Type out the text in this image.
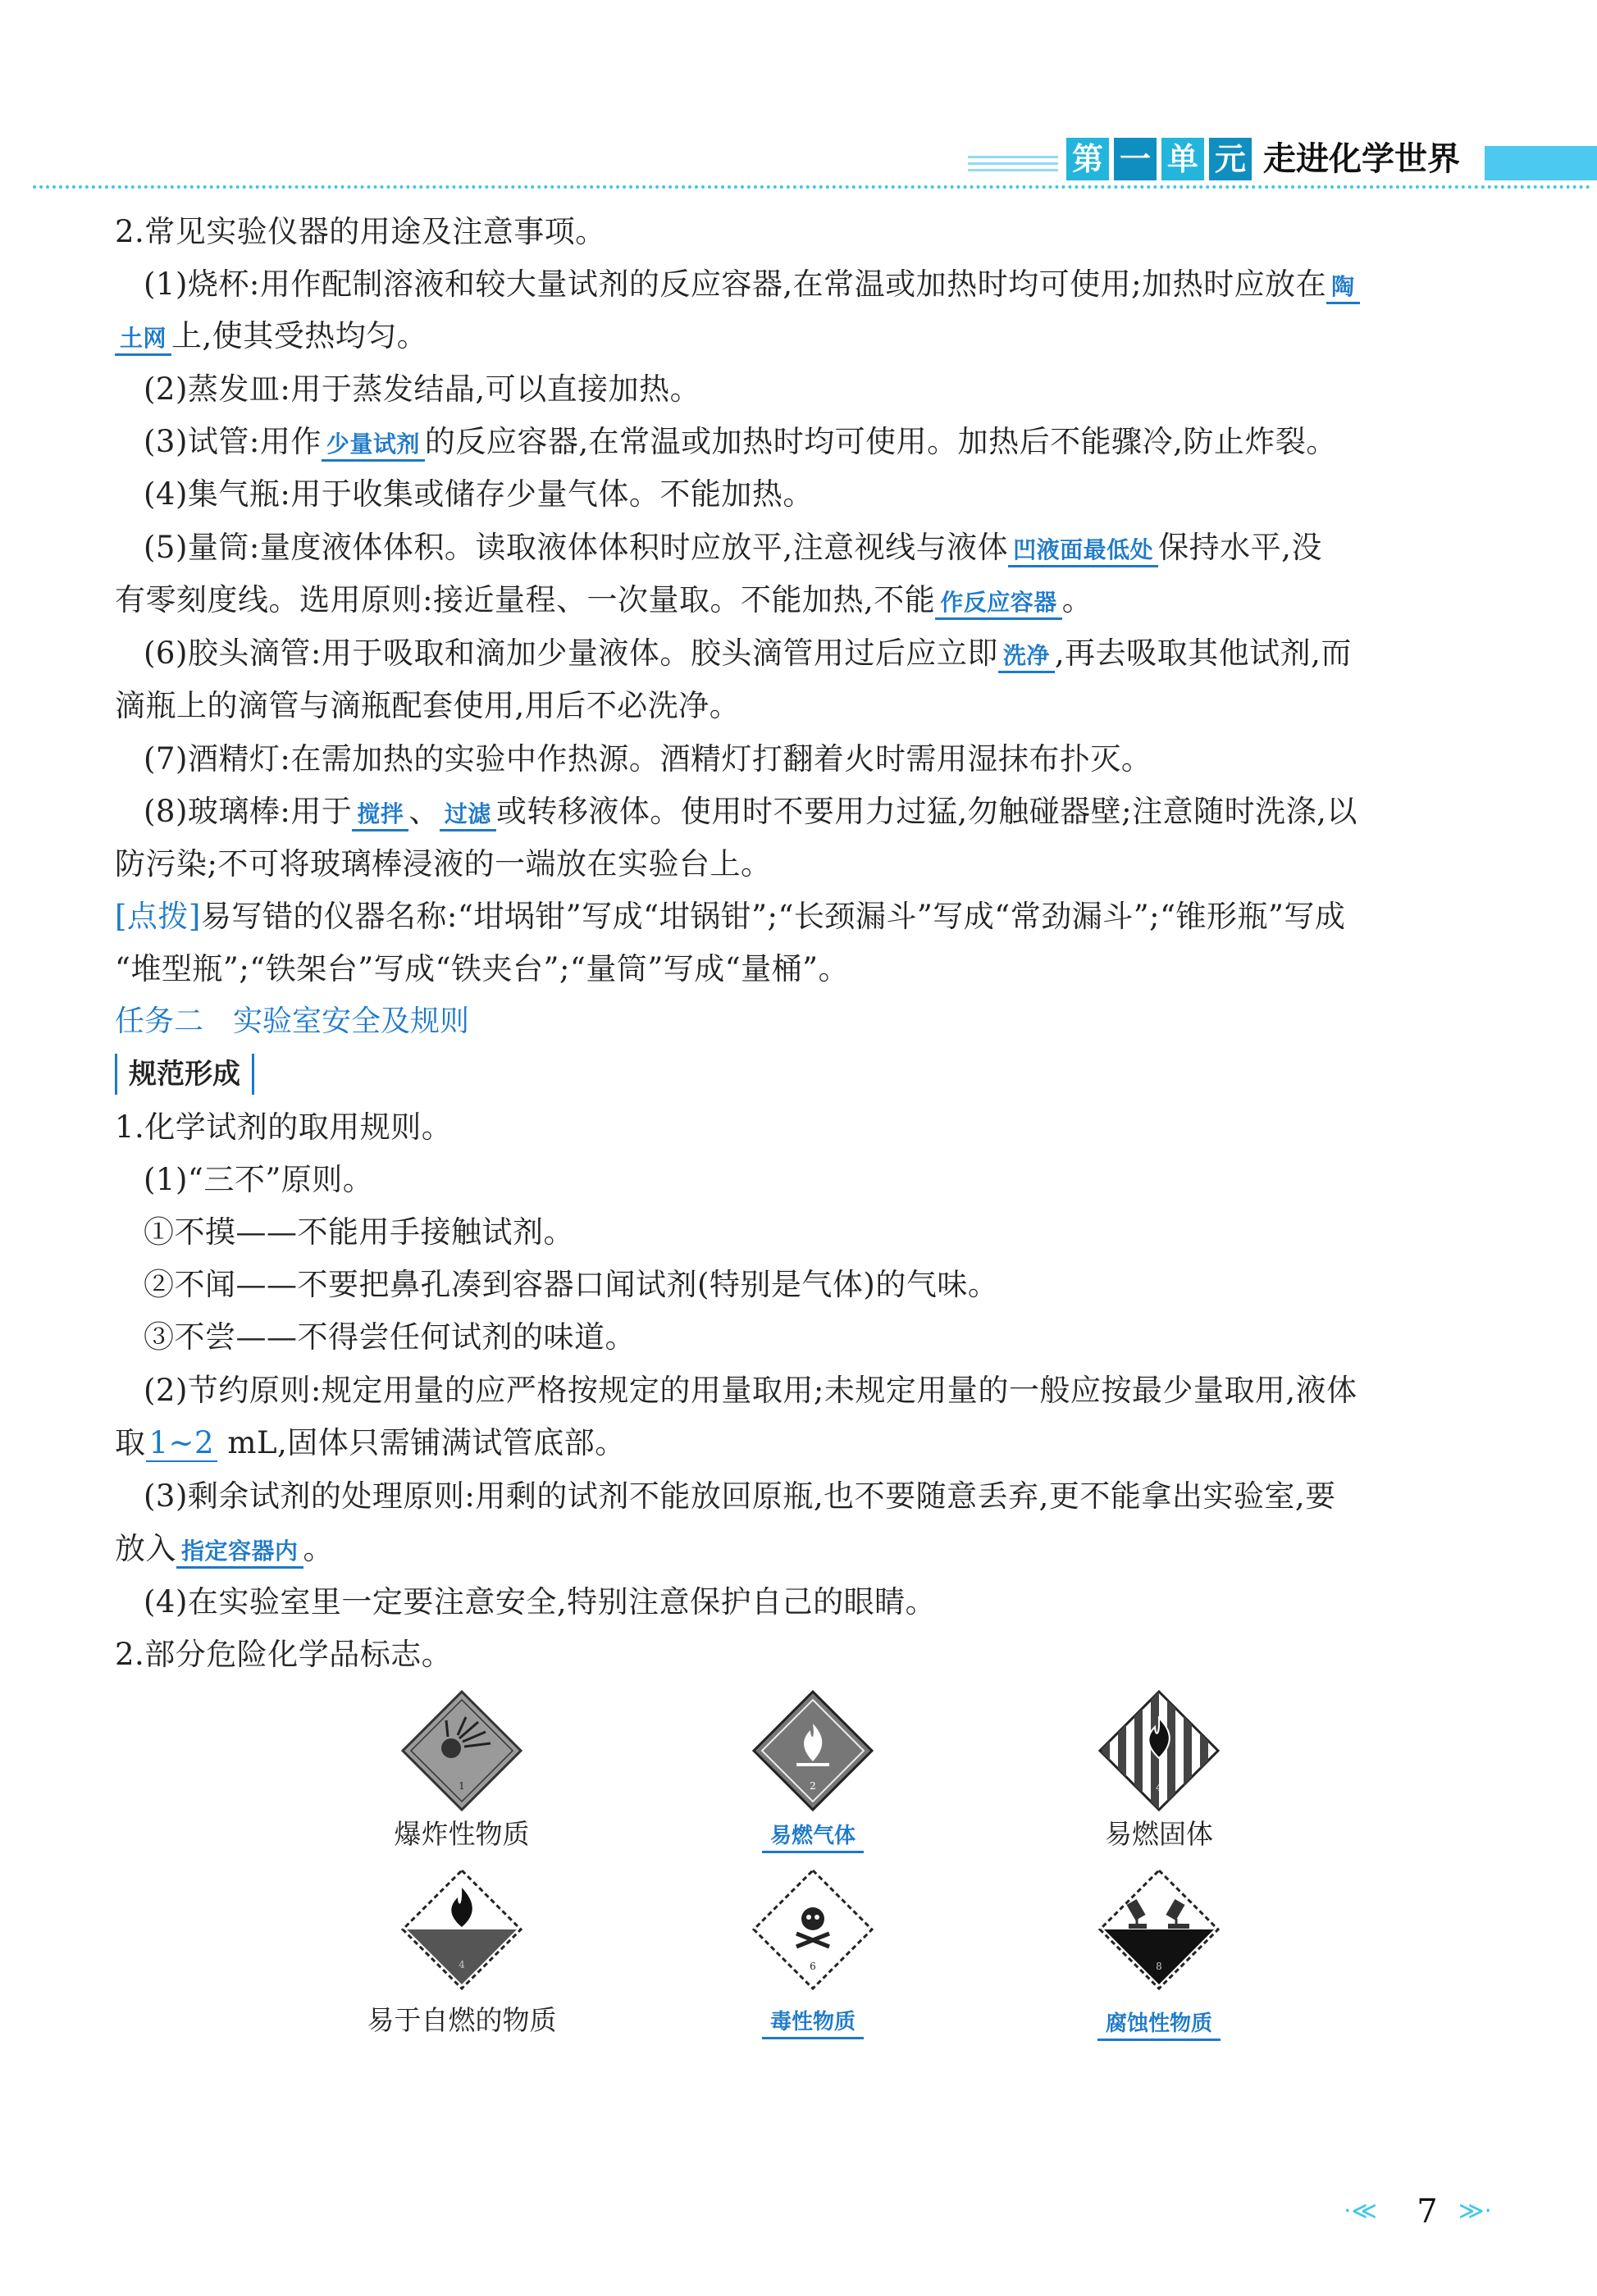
第 一 单 元 走进化学世界
2.常见实验仪器的用途及注意事项。
(1)烧杯:用作配制溶液和较大量试剂的反应容器,在常温或加热时均可使用;加热时应放在 陶
土网 上,使其受热均匀。
(2)蒸发皿:用于蒸发结晶,可以直接加热。
(3)试管:用作 少量试剂 的反应容器,在常温或加热时均可使用。加热后不能骤冷,防止炸裂。
(4)集气瓶:用于收集或储存少量气体。不能加热。
(5)量筒:量度液体体积。读取液体体积时应放平,注意视线与液体 凹液面最低处 保持水平,没
有零刻度线。选用原则:接近量程、一次量取。不能加热,不能 作反应容器 。
(6)胶头滴管:用于吸取和滴加少量液体。胶头滴管用过后应立即 洗净 ,再去吸取其他试剂,而
滴瓶上的滴管与滴瓶配套使用,用后不必洗净。
(7)酒精灯:在需加热的实验中作热源。酒精灯打翻着火时需用湿抹布扑灭。
(8)玻璃棒:用于 搅拌 、 过滤 或转移液体。使用时不要用力过猛,勿触碰器壁;注意随时洗涤,以
防污染;不可将玻璃棒浸液的一端放在实验台上。
[点拨]易写错的仪器名称:“坩埚钳”写成“坩锅钳”;“长颈漏斗”写成“常劲漏斗”;“锥形瓶”写成
“堆型瓶”;“铁架台”写成“铁夹台”;“量筒”写成“量桶”。
任务二　实验室安全及规则
规范形成
1.化学试剂的取用规则。
(1)“三不”原则。
①不摸——不能用手接触试剂。
②不闻——不要把鼻孔凑到容器口闻试剂(特别是气体)的气味。
③不尝——不得尝任何试剂的味道。
(2)节约原则:规定用量的应严格按规定的用量取用;未规定用量的一般应按最少量取用,液体
取 1~2 mL,固体只需铺满试管底部。
(3)剩余试剂的处理原则:用剩的试剂不能放回原瓶,也不要随意丢弃,更不能拿出实验室,要
放入 指定容器内 。
(4)在实验室里一定要注意安全,特别注意保护自己的眼睛。
2.部分危险化学品标志。
1	2	4
爆炸性物质	易燃气体	易燃固体
4	6	8
易于自燃的物质	毒性物质	腐蚀性物质
·≪	7 ≫·
